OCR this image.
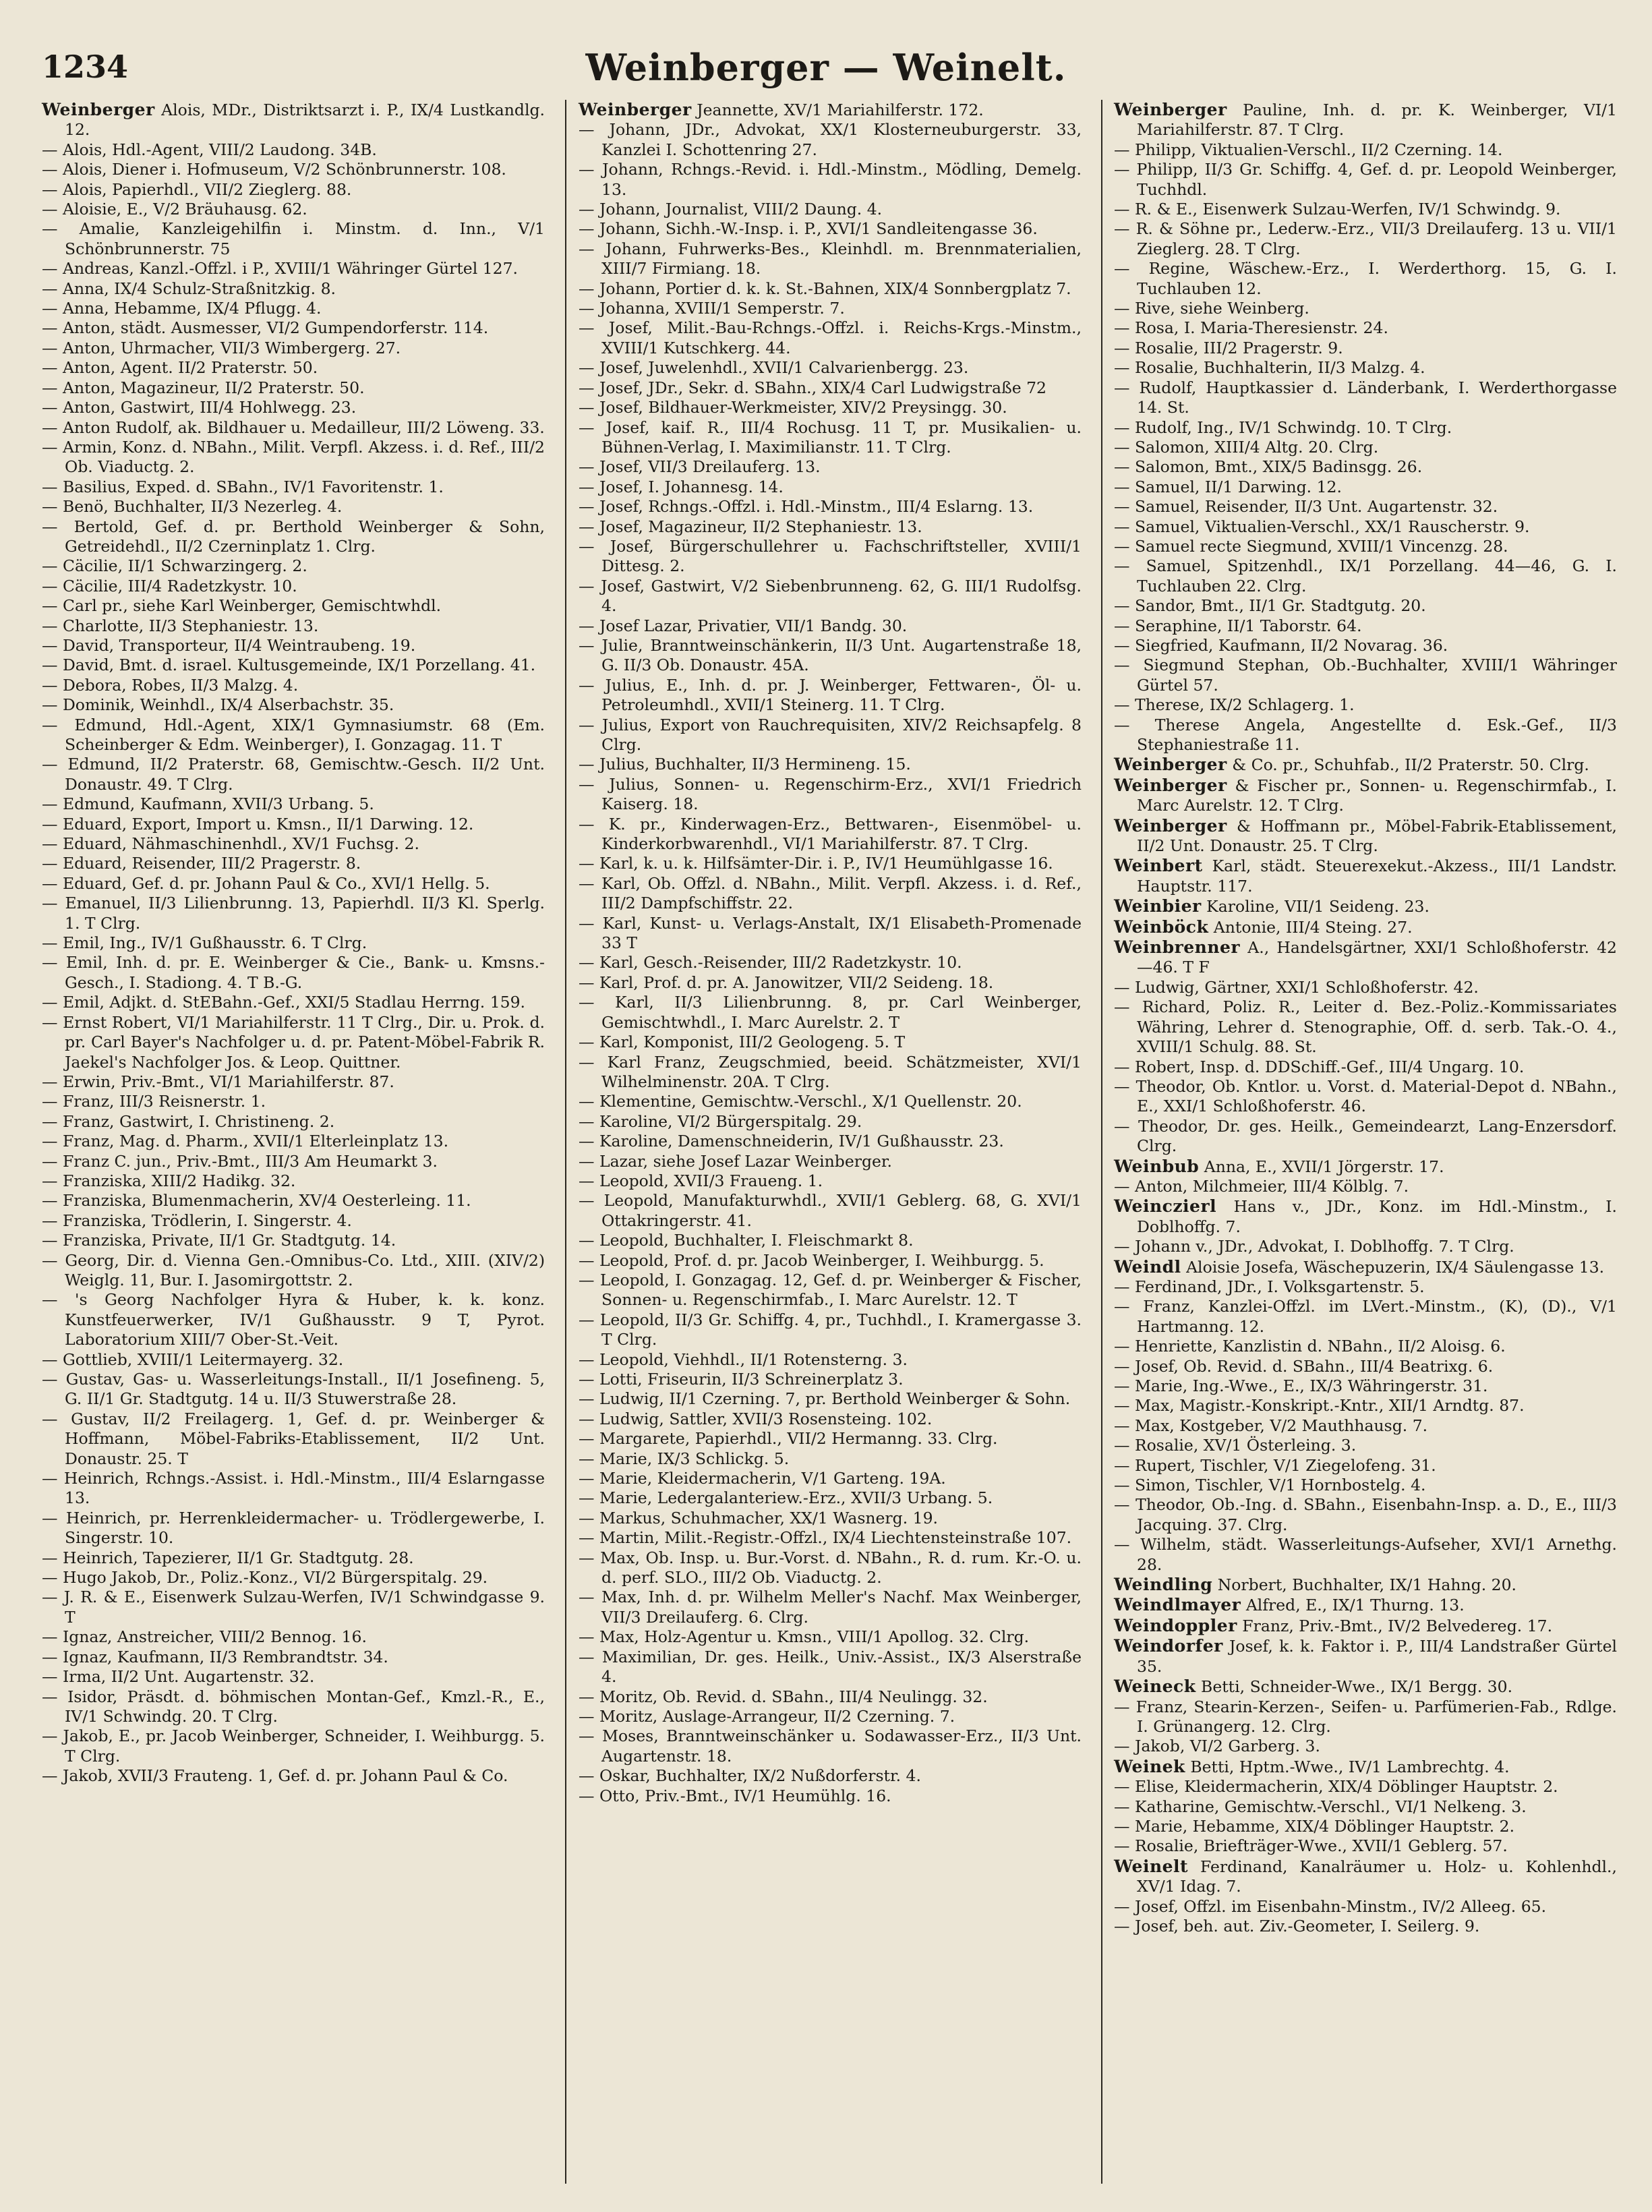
1234	Weinberger — Weinelt.
Weinberger Alois, MDr., Distriktsarzt i. P., IX/4 Lustkandlg. 12.
— Alois, Hdl.-Agent, VIII/2 Laudong. 34B.
— Alois, Diener i. Hofmuseum, V/2 Schönbrunnerstr. 108.
— Alois, Papierhdl., VII/2 Zieglerg. 88.
— Aloisie, E., V/2 Bräuhausg. 62.
— Amalie, Kanzleigehilfin i. Minstm. d. Inn., V/1 Schönbrunnerstr. 75
— Andreas, Kanzl.-Offzl. i P., XVIII/1 Währinger Gürtel 127.
— Anna, IX/4 Schulz-Straßnitzkig. 8.
— Anna, Hebamme, IX/4 Pflugg. 4.
— Anton, städt. Ausmesser, VI/2 Gumpendorferstr. 114.
— Anton, Uhrmacher, VII/3 Wimbergerg. 27.
— Anton, Agent. II/2 Praterstr. 50.
— Anton, Magazineur, II/2 Praterstr. 50.
— Anton, Gastwirt, III/4 Hohlwegg. 23.
— Anton Rudolf, ak. Bildhauer u. Medailleur, III/2 Löweng. 33.
— Armin, Konz. d. NBahn., Milit. Verpfl. Akzess. i. d. Ref., III/2 Ob. Viaductg. 2.
— Basilius, Exped. d. SBahn., IV/1 Favoritenstr. 1.
— Benö, Buchhalter, II/3 Nezerleg. 4.
— Bertold, Gef. d. pr. Berthold Weinberger & Sohn, Getreidehdl., II/2 Czerninplatz 1. Clrg.
— Cäcilie, II/1 Schwarzingerg. 2.
— Cäcilie, III/4 Radetzkystr. 10.
— Carl pr., siehe Karl Weinberger, Gemischtwhdl.
— Charlotte, II/3 Stephaniestr. 13.
— David, Transporteur, II/4 Weintraubeng. 19.
— David, Bmt. d. israel. Kultusgemeinde, IX/1 Porzellang. 41.
— Debora, Robes, II/3 Malzg. 4.
— Dominik, Weinhdl., IX/4 Alserbachstr. 35.
— Edmund, Hdl.-Agent, XIX/1 Gymnasiumstr. 68 (Em. Scheinberger & Edm. Weinberger), I. Gonzagag. 11. T
— Edmund, II/2 Praterstr. 68, Gemischtw.-Gesch. II/2 Unt. Donaustr. 49. T Clrg.
— Edmund, Kaufmann, XVII/3 Urbang. 5.
— Eduard, Export, Import u. Kmsn., II/1 Darwing. 12.
— Eduard, Nähmaschinenhdl., XV/1 Fuchsg. 2.
— Eduard, Reisender, III/2 Pragerstr. 8.
— Eduard, Gef. d. pr. Johann Paul & Co., XVI/1 Hellg. 5.
— Emanuel, II/3 Lilienbrunng. 13, Papierhdl. II/3 Kl. Sperlg. 1. T Clrg.
— Emil, Ing., IV/1 Gußhausstr. 6. T Clrg.
— Emil, Inh. d. pr. E. Weinberger & Cie., Bank- u. Kmsns.-Gesch., I. Stadiong. 4. T B.-G.
— Emil, Adjkt. d. StEBahn.-Gef., XXI/5 Stadlau Herrng. 159.
— Ernst Robert, VI/1 Mariahilferstr. 11 T Clrg., Dir. u. Prok. d. pr. Carl Bayer's Nachfolger u. d. pr. Patent-Möbel-Fabrik R. Jaekel's Nachfolger Jos. & Leop. Quittner.
— Erwin, Priv.-Bmt., VI/1 Mariahilferstr. 87.
— Franz, III/3 Reisnerstr. 1.
— Franz, Gastwirt, I. Christineng. 2.
— Franz, Mag. d. Pharm., XVII/1 Elterleinplatz 13.
— Franz C. jun., Priv.-Bmt., III/3 Am Heumarkt 3.
— Franziska, XIII/2 Hadikg. 32.
— Franziska, Blumenmacherin, XV/4 Oesterleing. 11.
— Franziska, Trödlerin, I. Singerstr. 4.
— Franziska, Private, II/1 Gr. Stadtgutg. 14.
— Georg, Dir. d. Vienna Gen.-Omnibus-Co. Ltd., XIII. (XIV/2) Weiglg. 11, Bur. I. Jasomirgottstr. 2.
— 's Georg Nachfolger Hyra & Huber, k. k. konz. Kunstfeuerwerker, IV/1 Gußhausstr. 9 T, Pyrot. Laboratorium XIII/7 Ober-St.-Veit.
— Gottlieb, XVIII/1 Leitermayerg. 32.
— Gustav, Gas- u. Wasserleitungs-Install., II/1 Josefineng. 5, G. II/1 Gr. Stadtgutg. 14 u. II/3 Stuwerstraße 28.
— Gustav, II/2 Freilagerg. 1, Gef. d. pr. Weinberger & Hoffmann, Möbel-Fabriks-Etablissement, II/2 Unt. Donaustr. 25. T
— Heinrich, Rchngs.-Assist. i. Hdl.-Minstm., III/4 Eslarngasse 13.
— Heinrich, pr. Herrenkleidermacher- u. Trödlergewerbe, I. Singerstr. 10.
— Heinrich, Tapezierer, II/1 Gr. Stadtgutg. 28.
— Hugo Jakob, Dr., Poliz.-Konz., VI/2 Bürgerspitalg. 29.
— J. R. & E., Eisenwerk Sulzau-Werfen, IV/1 Schwindgasse 9. T
— Ignaz, Anstreicher, VIII/2 Bennog. 16.
— Ignaz, Kaufmann, II/3 Rembrandtstr. 34.
— Irma, II/2 Unt. Augartenstr. 32.
— Isidor, Präsdt. d. böhmischen Montan-Gef., Kmzl.-R., E., IV/1 Schwindg. 20. T Clrg.
— Jakob, E., pr. Jacob Weinberger, Schneider, I. Weihburgg. 5. T Clrg.
— Jakob, XVII/3 Frauteng. 1, Gef. d. pr. Johann Paul & Co.
Weinberger Jeannette, XV/1 Mariahilferstr. 172.
— Johann, JDr., Advokat, XX/1 Klosterneuburgerstr. 33, Kanzlei I. Schottenring 27.
— Johann, Rchngs.-Revid. i. Hdl.-Minstm., Mödling, Demelg. 13.
— Johann, Journalist, VIII/2 Daung. 4.
— Johann, Sichh.-W.-Insp. i. P., XVI/1 Sandleitengasse 36.
— Johann, Fuhrwerks-Bes., Kleinhdl. m. Brennmaterialien, XIII/7 Firmiang. 18.
— Johann, Portier d. k. k. St.-Bahnen, XIX/4 Sonnbergplatz 7.
— Johanna, XVIII/1 Semperstr. 7.
— Josef, Milit.-Bau-Rchngs.-Offzl. i. Reichs-Krgs.-Minstm., XVIII/1 Kutschkerg. 44.
— Josef, Juwelenhdl., XVII/1 Calvarienbergg. 23.
— Josef, JDr., Sekr. d. SBahn., XIX/4 Carl Ludwigstraße 72
— Josef, Bildhauer-Werkmeister, XIV/2 Preysingg. 30.
— Josef, kaif. R., III/4 Rochusg. 11 T, pr. Musikalien- u. Bühnen-Verlag, I. Maximilianstr. 11. T Clrg.
— Josef, VII/3 Dreilauferg. 13.
— Josef, I. Johannesg. 14.
— Josef, Rchngs.-Offzl. i. Hdl.-Minstm., III/4 Eslarng. 13.
— Josef, Magazineur, II/2 Stephaniestr. 13.
— Josef, Bürgerschullehrer u. Fachschriftsteller, XVIII/1 Dittesg. 2.
— Josef, Gastwirt, V/2 Siebenbrunneng. 62, G. III/1 Rudolfsg. 4.
— Josef Lazar, Privatier, VII/1 Bandg. 30.
— Julie, Branntweinschänkerin, II/3 Unt. Augartenstraße 18, G. II/3 Ob. Donaustr. 45A.
— Julius, E., Inh. d. pr. J. Weinberger, Fettwaren-, Öl- u. Petroleumhdl., XVII/1 Steinerg. 11. T Clrg.
— Julius, Export von Rauchrequisiten, XIV/2 Reichsapfelg. 8 Clrg.
— Julius, Buchhalter, II/3 Hermineng. 15.
— Julius, Sonnen- u. Regenschirm-Erz., XVI/1 Friedrich Kaiserg. 18.
— K. pr., Kinderwagen-Erz., Bettwaren-, Eisenmöbel- u. Kinderkorbwarenhdl., VI/1 Mariahilferstr. 87. T Clrg.
— Karl, k. u. k. Hilfsämter-Dir. i. P., IV/1 Heumühlgasse 16.
— Karl, Ob. Offzl. d. NBahn., Milit. Verpfl. Akzess. i. d. Ref., III/2 Dampfschiffstr. 22.
— Karl, Kunst- u. Verlags-Anstalt, IX/1 Elisabeth-Promenade 33 T
— Karl, Gesch.-Reisender, III/2 Radetzkystr. 10.
— Karl, Prof. d. pr. A. Janowitzer, VII/2 Seideng. 18.
— Karl, II/3 Lilienbrunng. 8, pr. Carl Weinberger, Gemischtwhdl., I. Marc Aurelstr. 2. T
— Karl, Komponist, III/2 Geologeng. 5. T
— Karl Franz, Zeugschmied, beeid. Schätzmeister, XVI/1 Wilhelminenstr. 20A. T Clrg.
— Klementine, Gemischtw.-Verschl., X/1 Quellenstr. 20.
— Karoline, VI/2 Bürgerspitalg. 29.
— Karoline, Damenschneiderin, IV/1 Gußhausstr. 23.
— Lazar, siehe Josef Lazar Weinberger.
— Leopold, XVII/3 Fraueng. 1.
— Leopold, Manufakturwhdl., XVII/1 Geblerg. 68, G. XVI/1 Ottakringerstr. 41.
— Leopold, Buchhalter, I. Fleischmarkt 8.
— Leopold, Prof. d. pr. Jacob Weinberger, I. Weihburgg. 5.
— Leopold, I. Gonzagag. 12, Gef. d. pr. Weinberger & Fischer, Sonnen- u. Regenschirmfab., I. Marc Aurelstr. 12. T
— Leopold, II/3 Gr. Schiffg. 4, pr., Tuchhdl., I. Kramergasse 3. T Clrg.
— Leopold, Viehhdl., II/1 Rotensterng. 3.
— Lotti, Friseurin, II/3 Schreinerplatz 3.
— Ludwig, II/1 Czerning. 7, pr. Berthold Weinberger & Sohn.
— Ludwig, Sattler, XVII/3 Rosensteing. 102.
— Margarete, Papierhdl., VII/2 Hermanng. 33. Clrg.
— Marie, IX/3 Schlickg. 5.
— Marie, Kleidermacherin, V/1 Garteng. 19A.
— Marie, Ledergalanteriew.-Erz., XVII/3 Urbang. 5.
— Markus, Schuhmacher, XX/1 Wasnerg. 19.
— Martin, Milit.-Registr.-Offzl., IX/4 Liechtensteinstraße 107.
— Max, Ob. Insp. u. Bur.-Vorst. d. NBahn., R. d. rum. Kr.-O. u. d. perf. SLO., III/2 Ob. Viaductg. 2.
— Max, Inh. d. pr. Wilhelm Meller's Nachf. Max Weinberger, VII/3 Dreilauferg. 6. Clrg.
— Max, Holz-Agentur u. Kmsn., VIII/1 Apollog. 32. Clrg.
— Maximilian, Dr. ges. Heilk., Univ.-Assist., IX/3 Alserstraße 4.
— Moritz, Ob. Revid. d. SBahn., III/4 Neulingg. 32.
— Moritz, Auslage-Arrangeur, II/2 Czerning. 7.
— Moses, Branntweinschänker u. Sodawasser-Erz., II/3 Unt. Augartenstr. 18.
— Oskar, Buchhalter, IX/2 Nußdorferstr. 4.
— Otto, Priv.-Bmt., IV/1 Heumühlg. 16.
Weinberger Pauline, Inh. d. pr. K. Weinberger, VI/1 Mariahilferstr. 87. T Clrg.
— Philipp, Viktualien-Verschl., II/2 Czerning. 14.
— Philipp, II/3 Gr. Schiffg. 4, Gef. d. pr. Leopold Weinberger, Tuchhdl.
— R. & E., Eisenwerk Sulzau-Werfen, IV/1 Schwindg. 9.
— R. & Söhne pr., Lederw.-Erz., VII/3 Dreilauferg. 13 u. VII/1 Zieglerg. 28. T Clrg.
— Regine, Wäschew.-Erz., I. Werderthorg. 15, G. I. Tuchlauben 12.
— Rive, siehe Weinberg.
— Rosa, I. Maria-Theresienstr. 24.
— Rosalie, III/2 Pragerstr. 9.
— Rosalie, Buchhalterin, II/3 Malzg. 4.
— Rudolf, Hauptkassier d. Länderbank, I. Werderthorgasse 14. St.
— Rudolf, Ing., IV/1 Schwindg. 10. T Clrg.
— Salomon, XIII/4 Altg. 20. Clrg.
— Salomon, Bmt., XIX/5 Badinsgg. 26.
— Samuel, II/1 Darwing. 12.
— Samuel, Reisender, II/3 Unt. Augartenstr. 32.
— Samuel, Viktualien-Verschl., XX/1 Rauscherstr. 9.
— Samuel recte Siegmund, XVIII/1 Vincenzg. 28.
— Samuel, Spitzenhdl., IX/1 Porzellang. 44—46, G. I. Tuchlauben 22. Clrg.
— Sandor, Bmt., II/1 Gr. Stadtgutg. 20.
— Seraphine, II/1 Taborstr. 64.
— Siegfried, Kaufmann, II/2 Novarag. 36.
— Siegmund Stephan, Ob.-Buchhalter, XVIII/1 Währinger Gürtel 57.
— Therese, IX/2 Schlagerg. 1.
— Therese Angela, Angestellte d. Esk.-Gef., II/3 Stephaniestraße 11.
Weinberger & Co. pr., Schuhfab., II/2 Praterstr. 50. Clrg.
Weinberger & Fischer pr., Sonnen- u. Regenschirmfab., I. Marc Aurelstr. 12. T Clrg.
Weinberger & Hoffmann pr., Möbel-Fabrik-Etablissement, II/2 Unt. Donaustr. 25. T Clrg.
Weinbert Karl, städt. Steuerexekut.-Akzess., III/1 Landstr. Hauptstr. 117.
Weinbier Karoline, VII/1 Seideng. 23.
Weinböck Antonie, III/4 Steing. 27.
Weinbrenner A., Handelsgärtner, XXI/1 Schloßhoferstr. 42—46. T F
— Ludwig, Gärtner, XXI/1 Schloßhoferstr. 42.
— Richard, Poliz. R., Leiter d. Bez.-Poliz.-Kommissariates Währing, Lehrer d. Stenographie, Off. d. serb. Tak.-O. 4., XVIII/1 Schulg. 88. St.
— Robert, Insp. d. DDSchiff.-Gef., III/4 Ungarg. 10.
— Theodor, Ob. Kntlor. u. Vorst. d. Material-Depot d. NBahn., E., XXI/1 Schloßhoferstr. 46.
— Theodor, Dr. ges. Heilk., Gemeindearzt, Lang-Enzersdorf. Clrg.
Weinbub Anna, E., XVII/1 Jörgerstr. 17.
— Anton, Milchmeier, III/4 Kölblg. 7.
Weinczierl Hans v., JDr., Konz. im Hdl.-Minstm., I. Doblhoffg. 7.
— Johann v., JDr., Advokat, I. Doblhoffg. 7. T Clrg.
Weindl Aloisie Josefa, Wäschepuzerin, IX/4 Säulengasse 13.
— Ferdinand, JDr., I. Volksgartenstr. 5.
— Franz, Kanzlei-Offzl. im LVert.-Minstm., (K), (D)., V/1 Hartmanng. 12.
— Henriette, Kanzlistin d. NBahn., II/2 Aloisg. 6.
— Josef, Ob. Revid. d. SBahn., III/4 Beatrixg. 6.
— Marie, Ing.-Wwe., E., IX/3 Währingerstr. 31.
— Max, Magistr.-Konskript.-Kntr., XII/1 Arndtg. 87.
— Max, Kostgeber, V/2 Mauthhausg. 7.
— Rosalie, XV/1 Österleing. 3.
— Rupert, Tischler, V/1 Ziegelofeng. 31.
— Simon, Tischler, V/1 Hornbostelg. 4.
— Theodor, Ob.-Ing. d. SBahn., Eisenbahn-Insp. a. D., E., III/3 Jacquing. 37. Clrg.
— Wilhelm, städt. Wasserleitungs-Aufseher, XVI/1 Arnethg. 28.
Weindling Norbert, Buchhalter, IX/1 Hahng. 20.
Weindlmayer Alfred, E., IX/1 Thurng. 13.
Weindoppler Franz, Priv.-Bmt., IV/2 Belvedereg. 17.
Weindorfer Josef, k. k. Faktor i. P., III/4 Landstraßer Gürtel 35.
Weineck Betti, Schneider-Wwe., IX/1 Bergg. 30.
— Franz, Stearin-Kerzen-, Seifen- u. Parfümerien-Fab., Rdlge. I. Grünangerg. 12. Clrg.
— Jakob, VI/2 Garberg. 3.
Weinek Betti, Hptm.-Wwe., IV/1 Lambrechtg. 4.
— Elise, Kleidermacherin, XIX/4 Döblinger Hauptstr. 2.
— Katharine, Gemischtw.-Verschl., VI/1 Nelkeng. 3.
— Marie, Hebamme, XIX/4 Döblinger Hauptstr. 2.
— Rosalie, Briefträger-Wwe., XVII/1 Geblerg. 57.
Weinelt Ferdinand, Kanalräumer u. Holz- u. Kohlenhdl., XV/1 Idag. 7.
— Josef, Offzl. im Eisenbahn-Minstm., IV/2 Alleeg. 65.
— Josef, beh. aut. Ziv.-Geometer, I. Seilerg. 9.
